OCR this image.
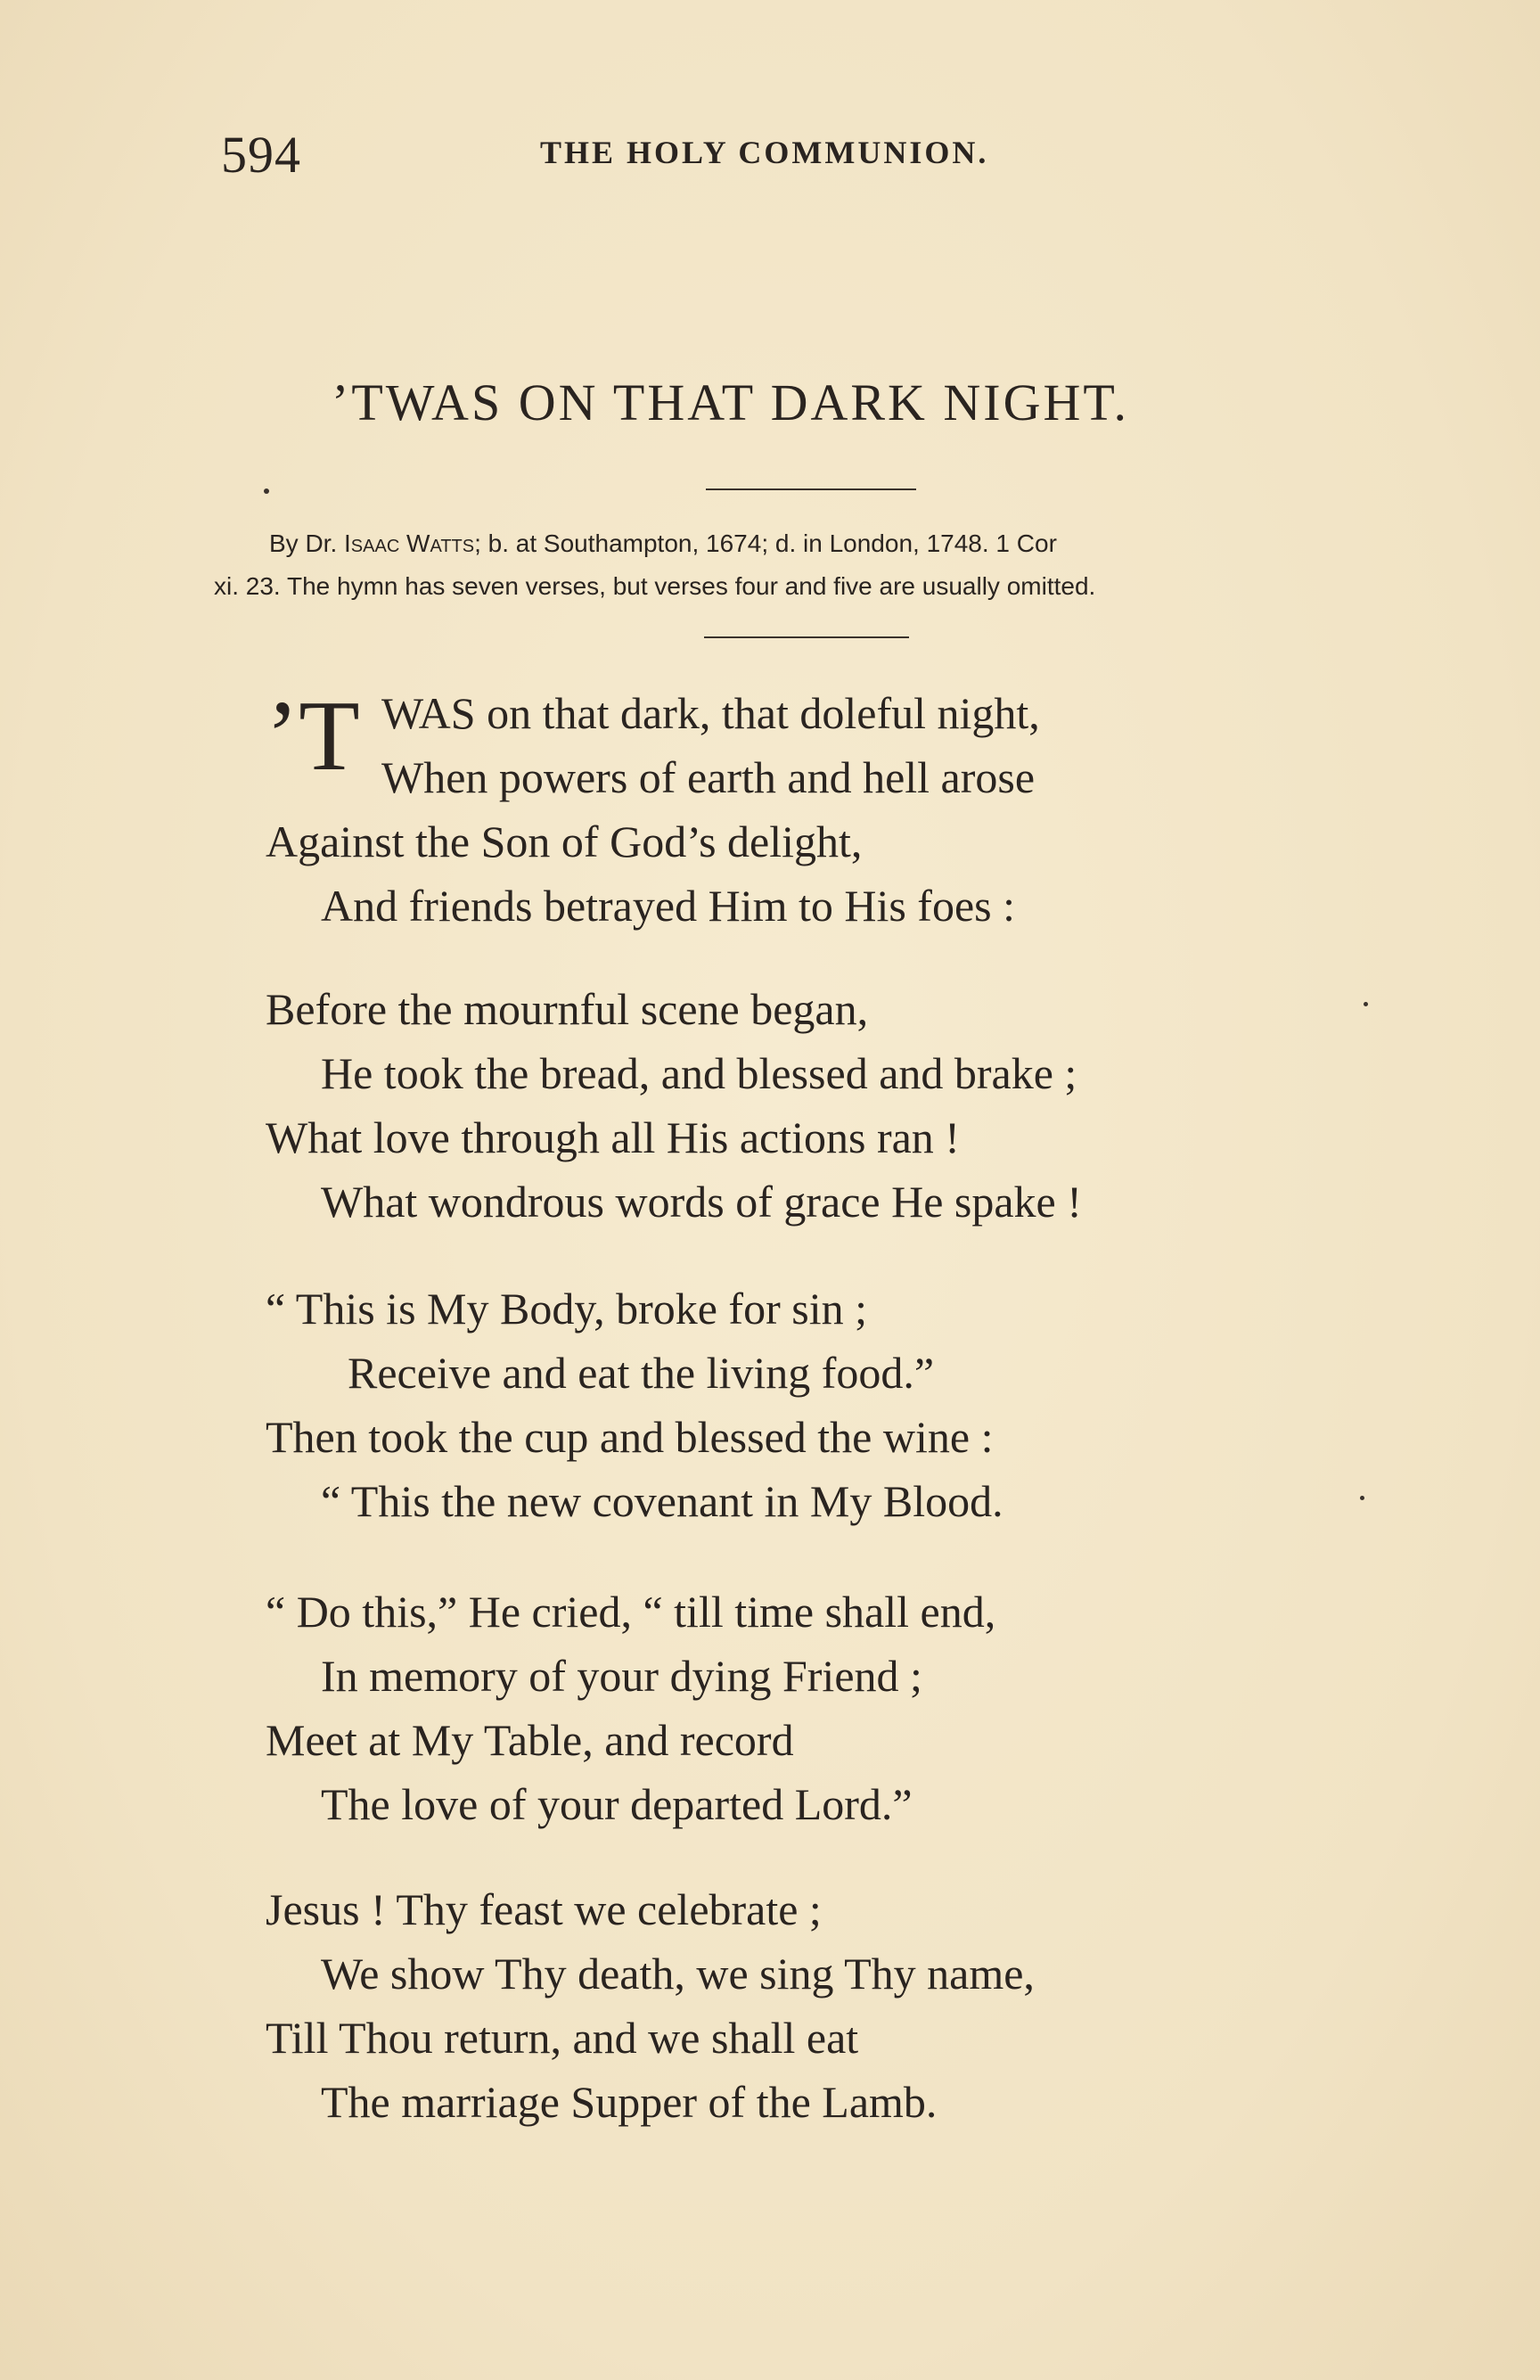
594	THE HOLY COMMUNION.
’TWAS ON THAT DARK NIGHT.
By Dr. Isaac Watts; b. at Southampton, 1674; d. in London, 1748. 1 Cor
xi. 23. The hymn has seven verses, but verses four and five are usually omitted.
’T WAS on that dark, that doleful night,
When powers of earth and hell arose
Against the Son of God’s delight,
And friends betrayed Him to His foes :
Before the mournful scene began,
He took the bread, and blessed and brake ;
What love through all His actions ran !
What wondrous words of grace He spake !
“ This is My Body, broke for sin ;
Receive and eat the living food.”
Then took the cup and blessed the wine :
“ This the new covenant in My Blood.
“ Do this,” He cried, “ till time shall end,
In memory of your dying Friend ;
Meet at My Table, and record
The love of your departed Lord.”
Jesus ! Thy feast we celebrate ;
We show Thy death, we sing Thy name,
Till Thou return, and we shall eat
The marriage Supper of the Lamb.
